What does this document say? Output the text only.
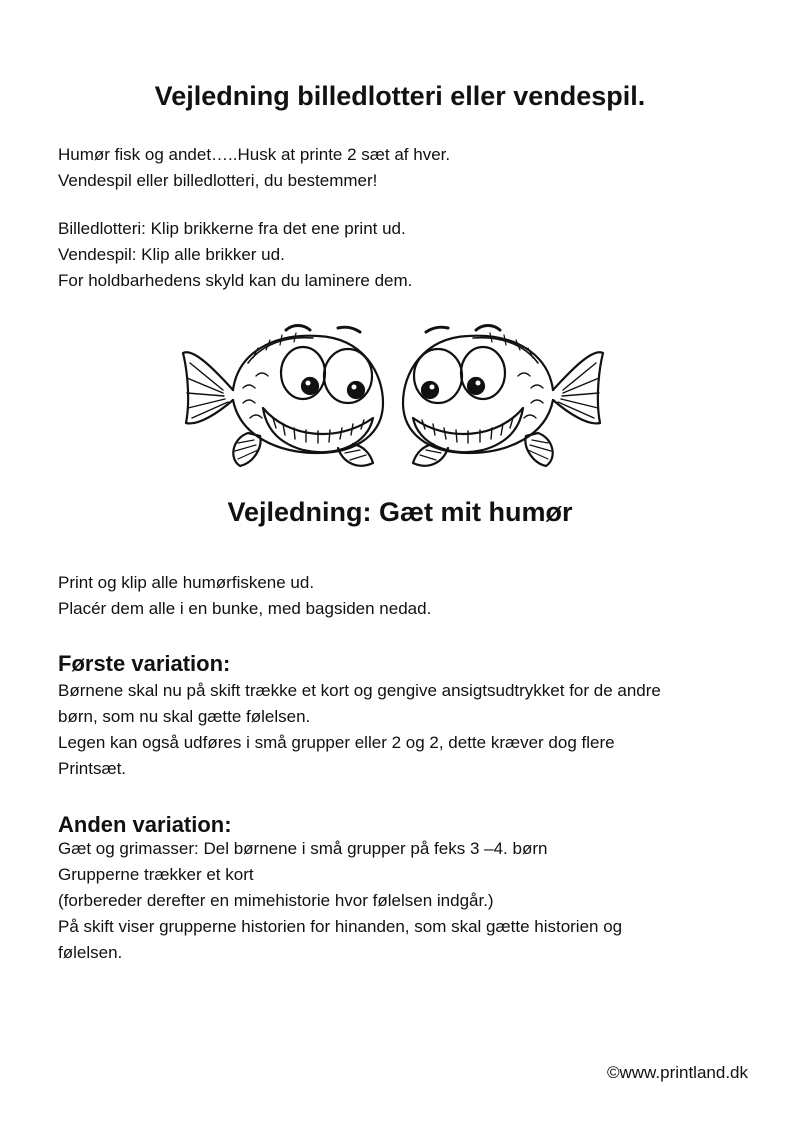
Vejledning billedlotteri eller vendespil.
Humør fisk og andet…..Husk at printe 2 sæt af hver.
Vendespil eller billedlotteri, du bestemmer!
Billedlotteri: Klip brikkerne fra det ene print ud.
Vendespil: Klip alle brikker ud.
For holdbarhedens skyld kan du laminere dem.
Vejledning: Gæt mit humør
Print og klip alle humørfiskene ud.
Placér dem alle i en bunke, med bagsiden nedad.
Første variation:
Børnene skal nu på skift trække et kort og gengive ansigtsudtrykket for de andre
børn, som nu skal gætte følelsen.
Legen kan også udføres i små grupper eller 2 og 2, dette kræver dog flere
Printsæt.
Anden variation:
Gæt og grimasser: Del børnene i små grupper på feks 3 –4. børn
Grupperne trækker et kort
(forbereder derefter en mimehistorie hvor følelsen indgår.)
På skift viser grupperne historien for hinanden, som skal gætte historien og
følelsen.

©www.printland.dk
